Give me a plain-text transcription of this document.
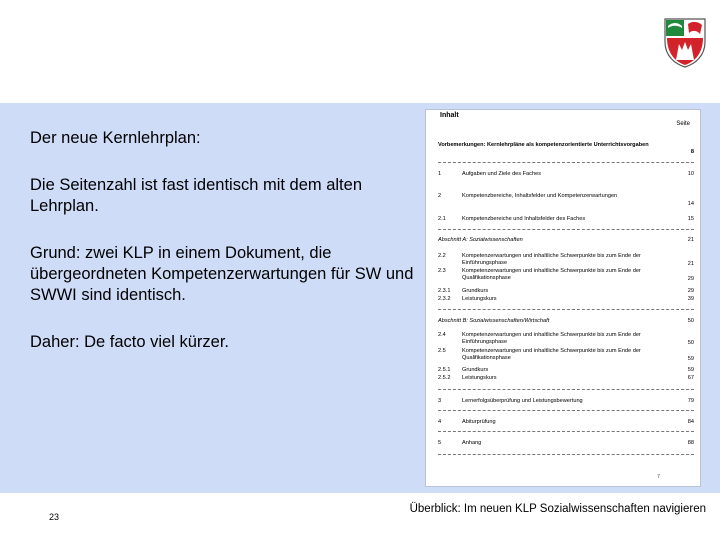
Der neue Kernlehrplan:

Die Seitenzahl ist fast identisch mit dem alten Lehrplan.

Grund: zwei KLP in einem Dokument, die übergeordneten Kompetenzerwartungen für SW und SWWI sind identisch.

Daher: De facto viel kürzer.

Inhalt
Seite
Vorbemerkungen: Kernlehrpläne als kompetenzorientierte Unterrichtsvorgaben
8
1	Aufgaben und Ziele des Faches	10
2	Kompetenzbereiche, Inhaltsfelder und Kompetenzerwartungen
14
2.1	Kompetenzbereiche und Inhaltsfelder des Faches	15
Abschnitt A: Sozialwissenschaften	21
2.2	Kompetenzerwartungen und inhaltliche Schwerpunkte bis zum Ende der Einführungsphase	21
2.3	Kompetenzerwartungen und inhaltliche Schwerpunkte bis zum Ende der Qualifikationsphase	29
2.3.1 Grundkurs	29
2.3.2 Leistungskurs	39
Abschnitt B: Sozialwissenschaften/Wirtschaft	50
2.4	Kompetenzerwartungen und inhaltliche Schwerpunkte bis zum Ende der Einführungsphase	50
2.5	Kompetenzerwartungen und inhaltliche Schwerpunkte bis zum Ende der Qualifikationsphase	59
2.5.1 Grundkurs	59
2.5.2 Leistungskurs	67
3	Lernerfolgsüberprüfung und Leistungsbewertung	79
4	Abiturprüfung	84
5	Anhang	88
7
23
Überblick: Im neuen KLP Sozialwissenschaften navigieren
